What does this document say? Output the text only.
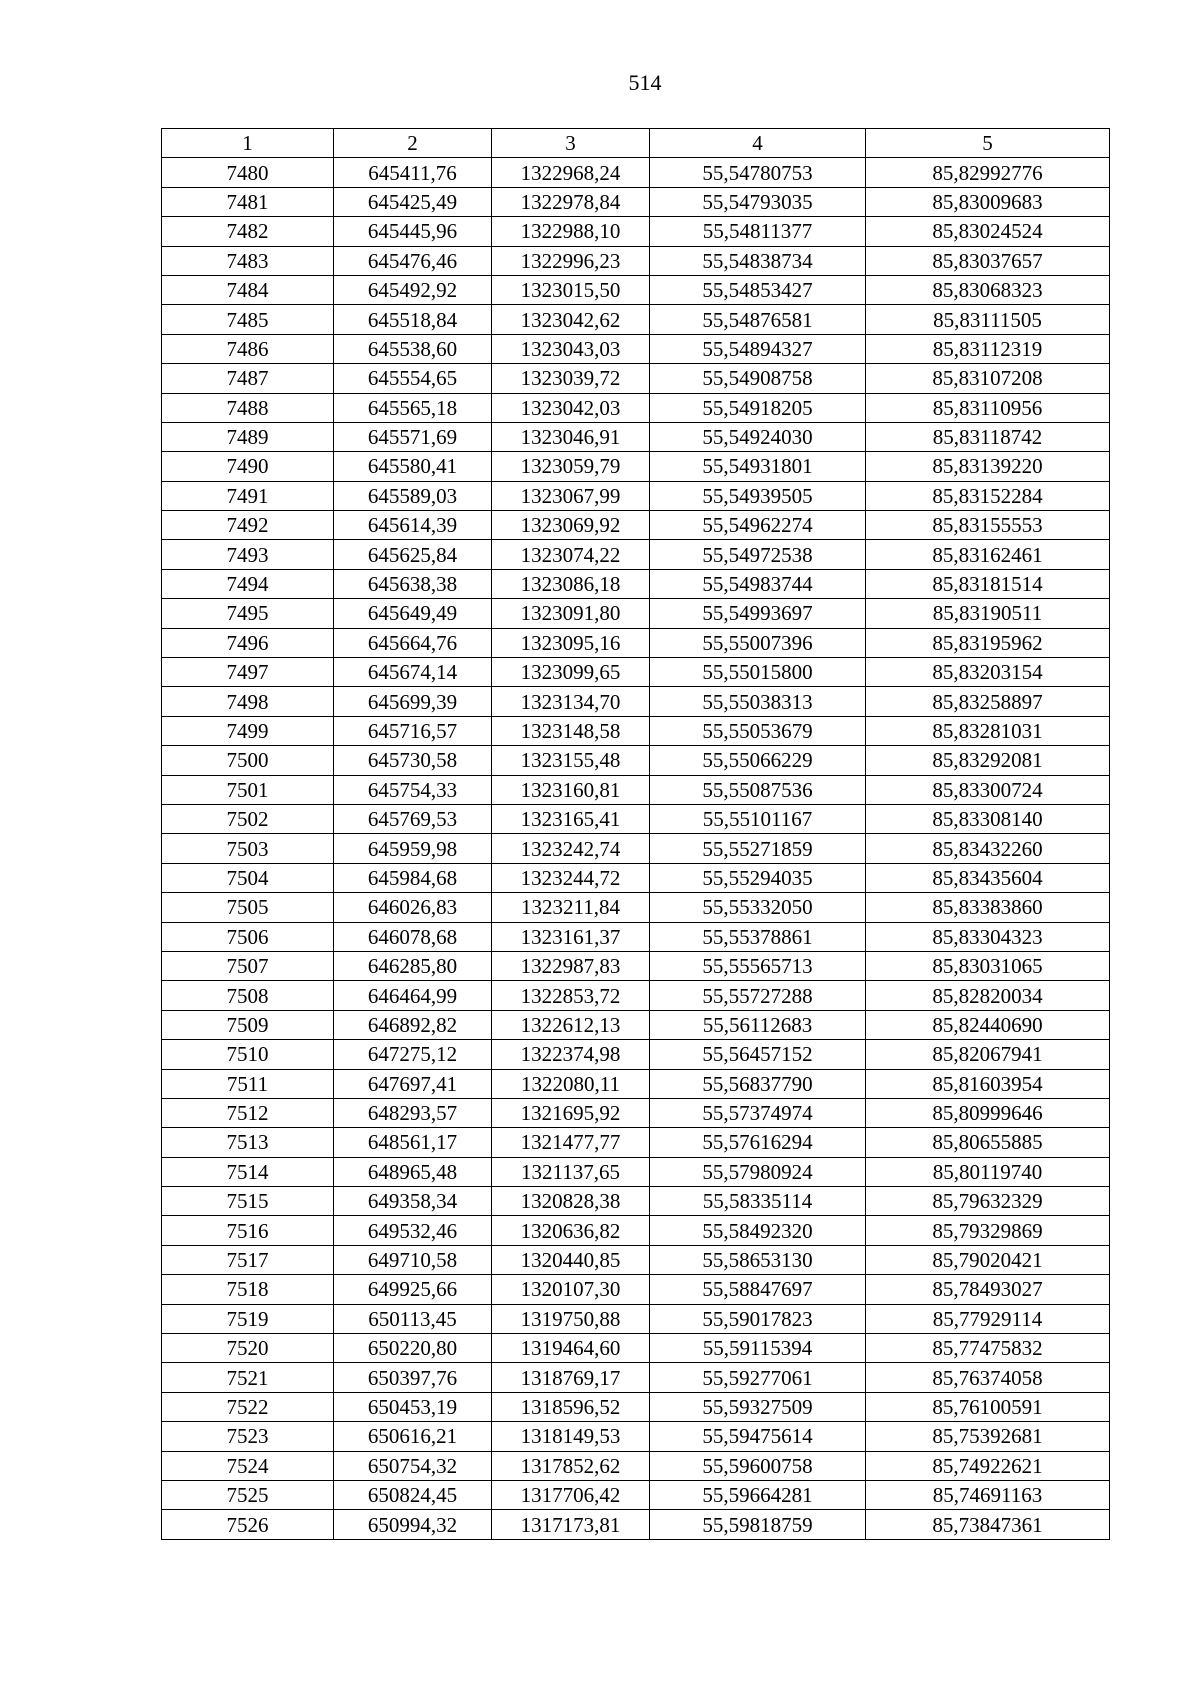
514
1	2	3	4	5
7480	645411,76	1322968,24	55,54780753	85,82992776
7481	645425,49	1322978,84	55,54793035	85,83009683
7482	645445,96	1322988,10	55,54811377	85,83024524
7483	645476,46	1322996,23	55,54838734	85,83037657
7484	645492,92	1323015,50	55,54853427	85,83068323
7485	645518,84	1323042,62	55,54876581	85,83111505
7486	645538,60	1323043,03	55,54894327	85,83112319
7487	645554,65	1323039,72	55,54908758	85,83107208
7488	645565,18	1323042,03	55,54918205	85,83110956
7489	645571,69	1323046,91	55,54924030	85,83118742
7490	645580,41	1323059,79	55,54931801	85,83139220
7491	645589,03	1323067,99	55,54939505	85,83152284
7492	645614,39	1323069,92	55,54962274	85,83155553
7493	645625,84	1323074,22	55,54972538	85,83162461
7494	645638,38	1323086,18	55,54983744	85,83181514
7495	645649,49	1323091,80	55,54993697	85,83190511
7496	645664,76	1323095,16	55,55007396	85,83195962
7497	645674,14	1323099,65	55,55015800	85,83203154
7498	645699,39	1323134,70	55,55038313	85,83258897
7499	645716,57	1323148,58	55,55053679	85,83281031
7500	645730,58	1323155,48	55,55066229	85,83292081
7501	645754,33	1323160,81	55,55087536	85,83300724
7502	645769,53	1323165,41	55,55101167	85,83308140
7503	645959,98	1323242,74	55,55271859	85,83432260
7504	645984,68	1323244,72	55,55294035	85,83435604
7505	646026,83	1323211,84	55,55332050	85,83383860
7506	646078,68	1323161,37	55,55378861	85,83304323
7507	646285,80	1322987,83	55,55565713	85,83031065
7508	646464,99	1322853,72	55,55727288	85,82820034
7509	646892,82	1322612,13	55,56112683	85,82440690
7510	647275,12	1322374,98	55,56457152	85,82067941
7511	647697,41	1322080,11	55,56837790	85,81603954
7512	648293,57	1321695,92	55,57374974	85,80999646
7513	648561,17	1321477,77	55,57616294	85,80655885
7514	648965,48	1321137,65	55,57980924	85,80119740
7515	649358,34	1320828,38	55,58335114	85,79632329
7516	649532,46	1320636,82	55,58492320	85,79329869
7517	649710,58	1320440,85	55,58653130	85,79020421
7518	649925,66	1320107,30	55,58847697	85,78493027
7519	650113,45	1319750,88	55,59017823	85,77929114
7520	650220,80	1319464,60	55,59115394	85,77475832
7521	650397,76	1318769,17	55,59277061	85,76374058
7522	650453,19	1318596,52	55,59327509	85,76100591
7523	650616,21	1318149,53	55,59475614	85,75392681
7524	650754,32	1317852,62	55,59600758	85,74922621
7525	650824,45	1317706,42	55,59664281	85,74691163
7526	650994,32	1317173,81	55,59818759	85,73847361
